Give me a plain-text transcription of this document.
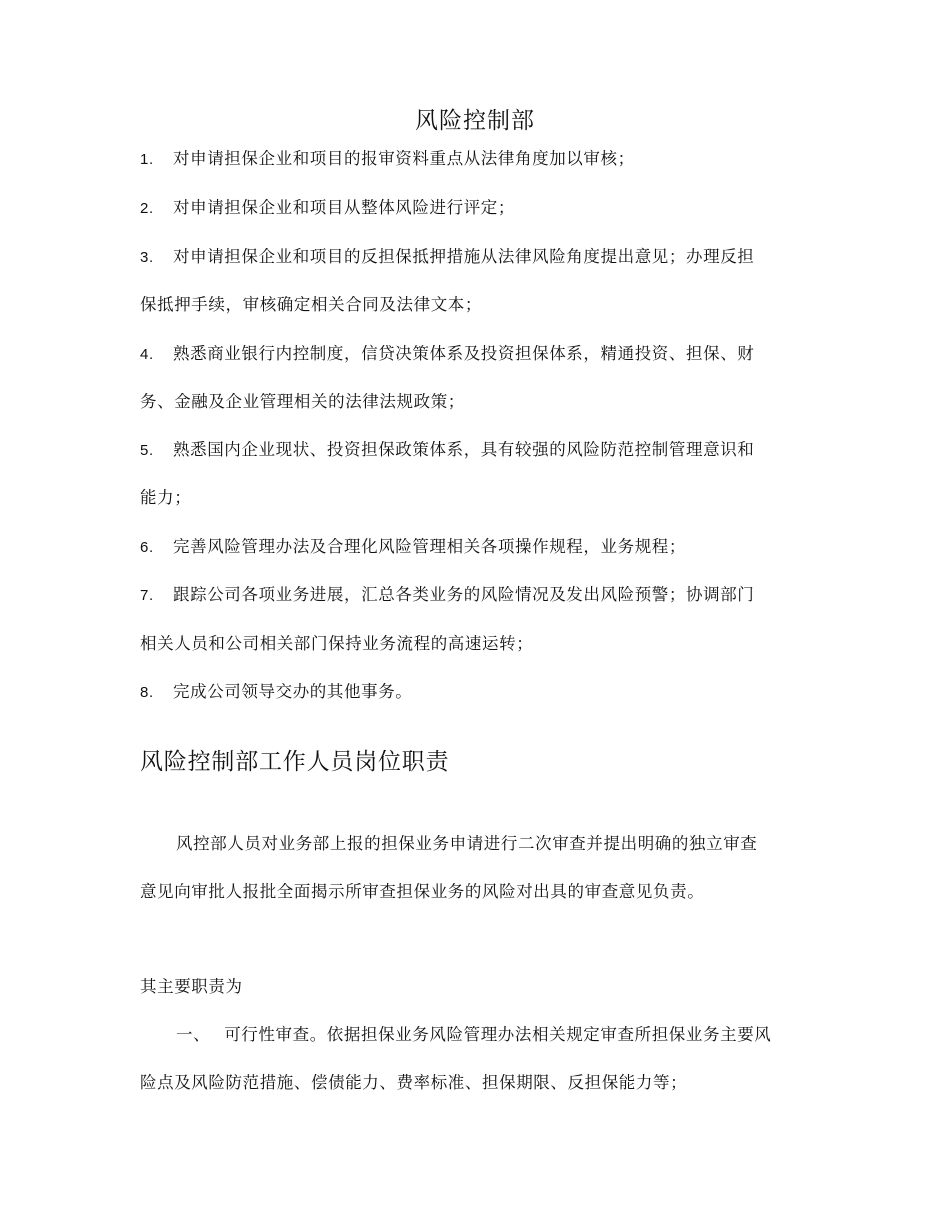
风险控制部
1. 对申请担保企业和项目的报审资料重点从法律角度加以审核；
2. 对申请担保企业和项目从整体风险进行评定；
3. 对申请担保企业和项目的反担保抵押措施从法律风险角度提出意见；办理反担
保抵押手续，审核确定相关合同及法律文本；
4. 熟悉商业银行内控制度，信贷决策体系及投资担保体系，精通投资、担保、财
务、金融及企业管理相关的法律法规政策；
5. 熟悉国内企业现状、投资担保政策体系，具有较强的风险防范控制管理意识和
能力；
6. 完善风险管理办法及合理化风险管理相关各项操作规程，业务规程；
7. 跟踪公司各项业务进展，汇总各类业务的风险情况及发出风险预警；协调部门
相关人员和公司相关部门保持业务流程的高速运转；
8. 完成公司领导交办的其他事务。
风险控制部工作人员岗位职责
风控部人员对业务部上报的担保业务申请进行二次审查并提出明确的独立审查
意见向审批人报批全面揭示所审查担保业务的风险对出具的审查意见负责。
其主要职责为
一、 可行性审查。依据担保业务风险管理办法相关规定审查所担保业务主要风
险点及风险防范措施、偿债能力、费率标准、担保期限、反担保能力等；
